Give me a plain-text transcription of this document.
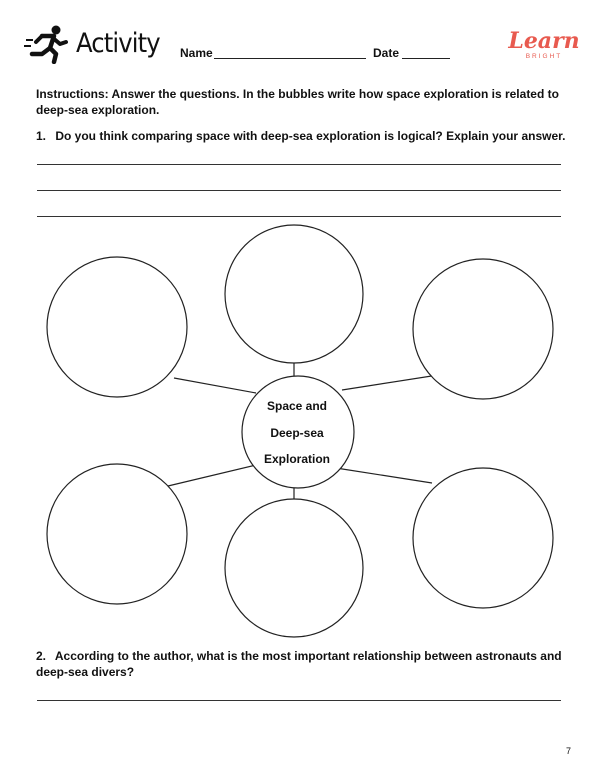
Activity Name	Date	Learn
BRIGHT
Instructions: Answer the questions. In the bubbles write how space exploration is related to deep-sea exploration.
1. Do you think comparing space with deep-sea exploration is logical? Explain your answer.
Space and
Deep-sea
Exploration
2. According to the author, what is the most important relationship between astronauts and deep-sea divers?
7
